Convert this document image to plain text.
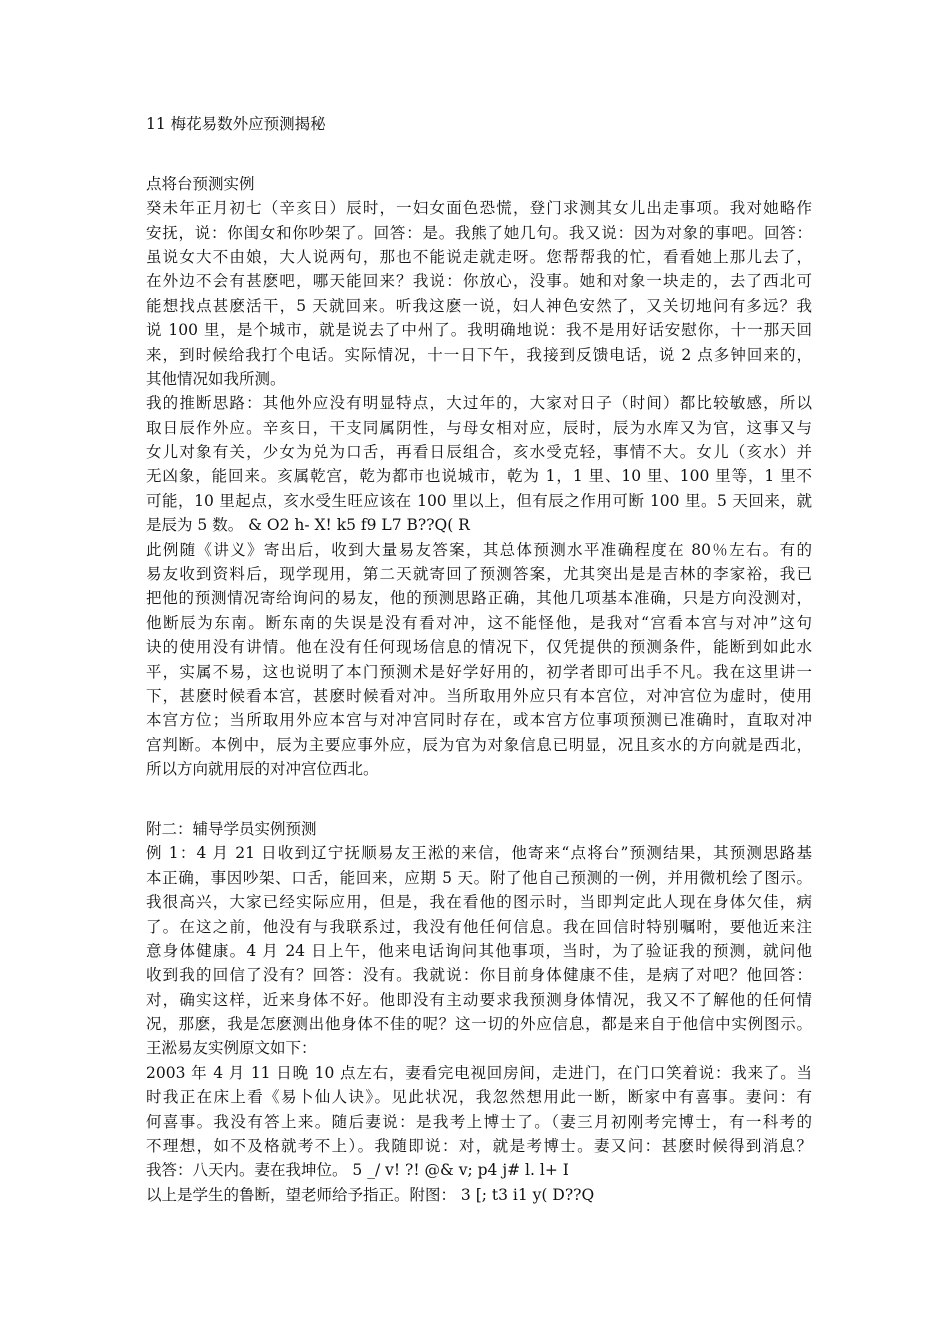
11 梅花易数外应预测揭秘
点将台预测实例
癸未年正月初七（辛亥日）辰时，一妇女面色恐慌，登门求测其女儿出走事项。我对她略作
安抚，说：你闺女和你吵架了。回答：是。我熊了她几句。我又说：因为对象的事吧。回答：
虽说女大不由娘，大人说两句，那也不能说走就走呀。您帮帮我的忙，看看她上那儿去了，
在外边不会有甚麽吧，哪天能回来？我说：你放心，没事。她和对象一块走的，去了西北可
能想找点甚麽活干，5 天就回来。听我这麽一说，妇人神色安然了，又关切地问有多远？我
说 100 里，是个城市，就是说去了中州了。我明确地说：我不是用好话安慰你，十一那天回
来，到时候给我打个电话。实际情况，十一日下午，我接到反馈电话，说 2 点多钟回来的，
其他情况如我所测。
我的推断思路：其他外应没有明显特点，大过年的，大家对日子（时间）都比较敏感，所以
取日辰作外应。辛亥日，干支同属阴性，与母女相对应，辰时，辰为水库又为官，这事又与
女儿对象有关，少女为兑为口舌，再看日辰组合，亥水受克轻，事情不大。女儿（亥水）并
无凶象，能回来。亥属乾宫，乾为都市也说城市，乾为 1，1 里、10 里、100 里等，1 里不
可能，10 里起点，亥水受生旺应该在 100 里以上，但有辰之作用可断 100 里。5 天回来，就
是辰为 5 数。 & O2 h- X! k5 f9 L7 B??Q( R
此例随《讲义》寄出后，收到大量易友答案，其总体预测水平准确程度在 80％左右。有的
易友收到资料后，现学现用，第二天就寄回了预测答案，尤其突出是是吉林的李家裕，我已
把他的预测情况寄给询问的易友，他的预测思路正确，其他几项基本准确，只是方向没测对，
他断辰为东南。断东南的失误是没有看对冲，这不能怪他，是我对“宫看本宫与对冲”这句
诀的使用没有讲情。他在没有任何现场信息的情况下，仅凭提供的预测条件，能断到如此水
平，实属不易，这也说明了本门预测术是好学好用的，初学者即可出手不凡。我在这里讲一
下，甚麽时候看本宫，甚麽时候看对冲。当所取用外应只有本宫位，对冲宫位为虚时，使用
本宫方位；当所取用外应本宫与对冲宫同时存在，或本宫方位事项预测已准确时，直取对冲
宫判断。本例中，辰为主要应事外应，辰为官为对象信息已明显，况且亥水的方向就是西北，
所以方向就用辰的对冲宫位西北。
附二：辅导学员实例预测
例 1：4 月 21 日收到辽宁抚顺易友王淞的来信，他寄来“点将台”预测结果，其预测思路基
本正确，事因吵架、口舌，能回来，应期 5 天。附了他自己预测的一例，并用微机绘了图示。
我很高兴，大家已经实际应用，但是，我在看他的图示时，当即判定此人现在身体欠佳，病
了。在这之前，他没有与我联系过，我没有他任何信息。我在回信时特别嘱咐，要他近来注
意身体健康。4 月 24 日上午，他来电话询问其他事项，当时，为了验证我的预测，就问他
收到我的回信了没有？回答：没有。我就说：你目前身体健康不佳，是病了对吧？他回答：
对，确实这样，近来身体不好。他即没有主动要求我预测身体情况，我又不了解他的任何情
况，那麽，我是怎麽测出他身体不佳的呢？这一切的外应信息，都是来自于他信中实例图示。
王淞易友实例原文如下：
2003 年 4 月 11 日晚 10 点左右，妻看完电视回房间，走进门，在门口笑着说：我来了。当
时我正在床上看《易卜仙人诀》。见此状况，我忽然想用此一断，断家中有喜事。妻问：有
何喜事。我没有答上来。随后妻说：是我考上博士了。（妻三月初刚考完博士，有一科考的
不理想，如不及格就考不上）。我随即说：对，就是考博士。妻又问：甚麽时候得到消息？
我答：八天内。妻在我坤位。 5 _/ v! ?! @& v; p4 j# l. l+ I
以上是学生的鲁断，望老师给予指正。附图： 3 [; t3 i1 y( D??Q
